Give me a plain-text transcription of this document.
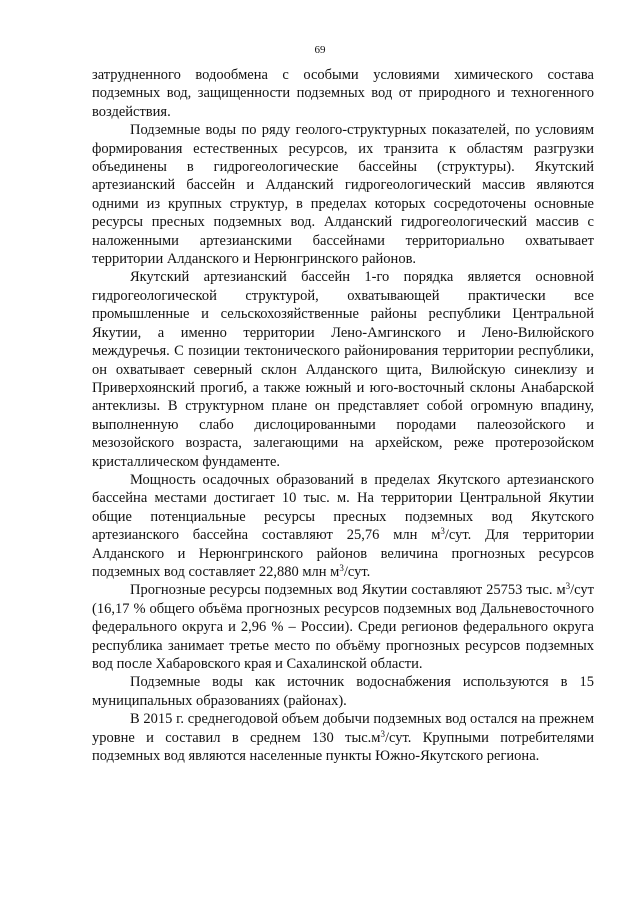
69

затрудненного водообмена с особыми условиями химического состава подземных вод, защищенности подземных вод от природного и техногенного воздействия.

Подземные воды по ряду геолого-структурных показателей, по условиям формирования естественных ресурсов, их транзита к областям разгрузки объединены в гидрогеологические бассейны (структуры). Якутский артезианский бассейн и Алданский гидрогеологический массив являются одними из крупных структур, в пределах которых сосредоточены основные ресурсы пресных подземных вод. Алданский гидрогеологический массив с наложенными артезианскими бассейнами территориально охватывает территории Алданского и Нерюнгринского районов.

Якутский артезианский бассейн 1-го порядка является основной гидрогеологической структурой, охватывающей практически все промышленные и сельскохозяйственные районы республики Центральной Якутии, а именно территории Лено-Амгинского и Лено-Вилюйского междуречья. С позиции тектонического районирования территории республики, он охватывает северный склон Алданского щита, Вилюйскую синеклизу и Приверхоянский прогиб, а также южный и юго-восточный склоны Анабарской антеклизы. В структурном плане он представляет собой огромную впадину, выполненную слабо дислоцированными породами палеозойского и мезозойского возраста, залегающими на архейском, реже протерозойском кристаллическом фундаменте.

Мощность осадочных образований в пределах Якутского артезианского бассейна местами достигает 10 тыс. м. На территории Центральной Якутии общие потенциальные ресурсы пресных подземных вод Якутского артезианского бассейна составляют 25,76 млн $м^3$/сут. Для территории Алданского и Нерюнгринского районов величина прогнозных ресурсов подземных вод составляет 22,880 млн $м^3$/сут.

Прогнозные ресурсы подземных вод Якутии составляют 25753 тыс. $м^3$/сут (16,17 % общего объёма прогнозных ресурсов подземных вод Дальневосточного федерального округа и 2,96 % – России). Среди регионов федерального округа республика занимает третье место по объёму прогнозных ресурсов подземных вод после Хабаровского края и Сахалинской области.

Подземные воды как источник водоснабжения используются в 15 муниципальных образованиях (районах).

В 2015 г. среднегодовой объем добычи подземных вод остался на прежнем уровне и составил в среднем 130 $тыс.м^3$/сут. Крупными потребителями подземных вод являются населенные пункты Южно-Якутского региона.
